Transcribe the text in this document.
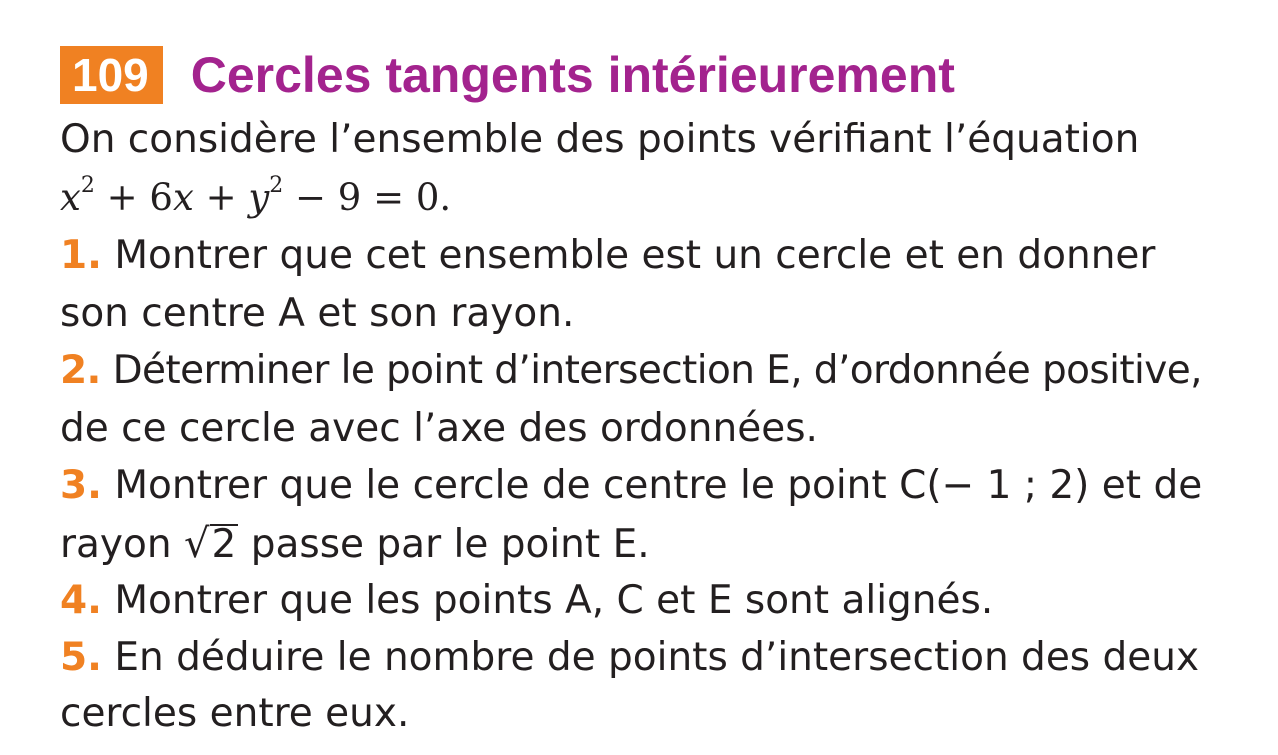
109 Cercles tangents intérieurement
On considère l’ensemble des points vérifiant l’équation
$x^2 + 6x + y^2 - 9 = 0$.
1. Montrer que cet ensemble est un cercle et en donner
son centre A et son rayon.
2. Déterminer le point d’intersection E, d’ordonnée positive,
de ce cercle avec l’axe des ordonnées.
3. Montrer que le cercle de centre le point C(− 1 ; 2) et de
rayon √2 passe par le point E.
4. Montrer que les points A, C et E sont alignés.
5. En déduire le nombre de points d’intersection des deux
cercles entre eux.
